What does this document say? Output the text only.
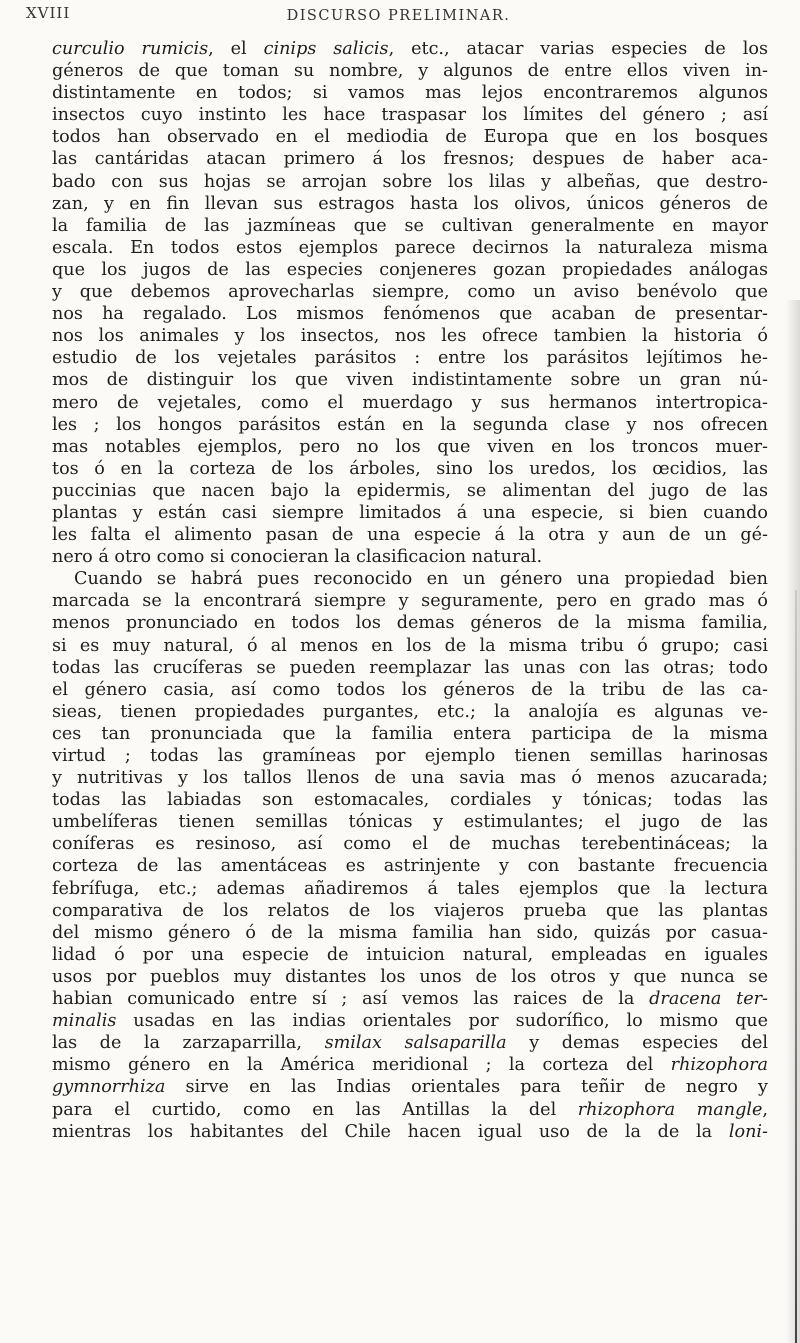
XVIII	DISCURSO PRELIMINAR.
curculio rumicis, el cinips salicis, etc., atacar varias especies de los
géneros de que toman su nombre, y algunos de entre ellos viven in-
distintamente en todos; si vamos mas lejos encontraremos algunos
insectos cuyo instinto les hace traspasar los límites del género ; así
todos han observado en el mediodia de Europa que en los bosques
las cantáridas atacan primero á los fresnos; despues de haber aca-
bado con sus hojas se arrojan sobre los lilas y albeñas, que destro-
zan, y en fin llevan sus estragos hasta los olivos, únicos géneros de
la familia de las jazmíneas que se cultivan generalmente en mayor
escala. En todos estos ejemplos parece decirnos la naturaleza misma
que los jugos de las especies conjeneres gozan propiedades análogas
y que debemos aprovecharlas siempre, como un aviso benévolo que
nos ha regalado. Los mismos fenómenos que acaban de presentar-
nos los animales y los insectos, nos les ofrece tambien la historia ó
estudio de los vejetales parásitos : entre los parásitos lejítimos he-
mos de distinguir los que viven indistintamente sobre un gran nú-
mero de vejetales, como el muerdago y sus hermanos intertropica-
les ; los hongos parásitos están en la segunda clase y nos ofrecen
mas notables ejemplos, pero no los que viven en los troncos muer-
tos ó en la corteza de los árboles, sino los uredos, los œcidios, las
puccinias que nacen bajo la epidermis, se alimentan del jugo de las
plantas y están casi siempre limitados á una especie, si bien cuando
les falta el alimento pasan de una especie á la otra y aun de un gé-
nero á otro como si conocieran la clasificacion natural.
Cuando se habrá pues reconocido en un género una propiedad bien
marcada se la encontrará siempre y seguramente, pero en grado mas ó
menos pronunciado en todos los demas géneros de la misma familia,
si es muy natural, ó al menos en los de la misma tribu ó grupo; casi
todas las crucíferas se pueden reemplazar las unas con las otras; todo
el género casia, así como todos los géneros de la tribu de las ca-
sieas, tienen propiedades purgantes, etc.; la analojía es algunas ve-
ces tan pronunciada que la familia entera participa de la misma
virtud ; todas las gramíneas por ejemplo tienen semillas harinosas
y nutritivas y los tallos llenos de una savia mas ó menos azucarada;
todas las labiadas son estomacales, cordiales y tónicas; todas las
umbelíferas tienen semillas tónicas y estimulantes; el jugo de las
coníferas es resinoso, así como el de muchas terebentináceas; la
corteza de las amentáceas es astrinjente y con bastante frecuencia
febrífuga, etc.; ademas añadiremos á tales ejemplos que la lectura
comparativa de los relatos de los viajeros prueba que las plantas
del mismo género ó de la misma familia han sido, quizás por casua-
lidad ó por una especie de intuicion natural, empleadas en iguales
usos por pueblos muy distantes los unos de los otros y que nunca se
habian comunicado entre sí ; así vemos las raices de la dracena ter-
minalis usadas en las indias orientales por sudorífico, lo mismo que
las de la zarzaparrilla, smilax salsaparilla y demas especies del
mismo género en la América meridional ; la corteza del rhizophora
gymnorrhiza sirve en las Indias orientales para teñir de negro y
para el curtido, como en las Antillas la del rhizophora mangle,
mientras los habitantes del Chile hacen igual uso de la de la loni-
